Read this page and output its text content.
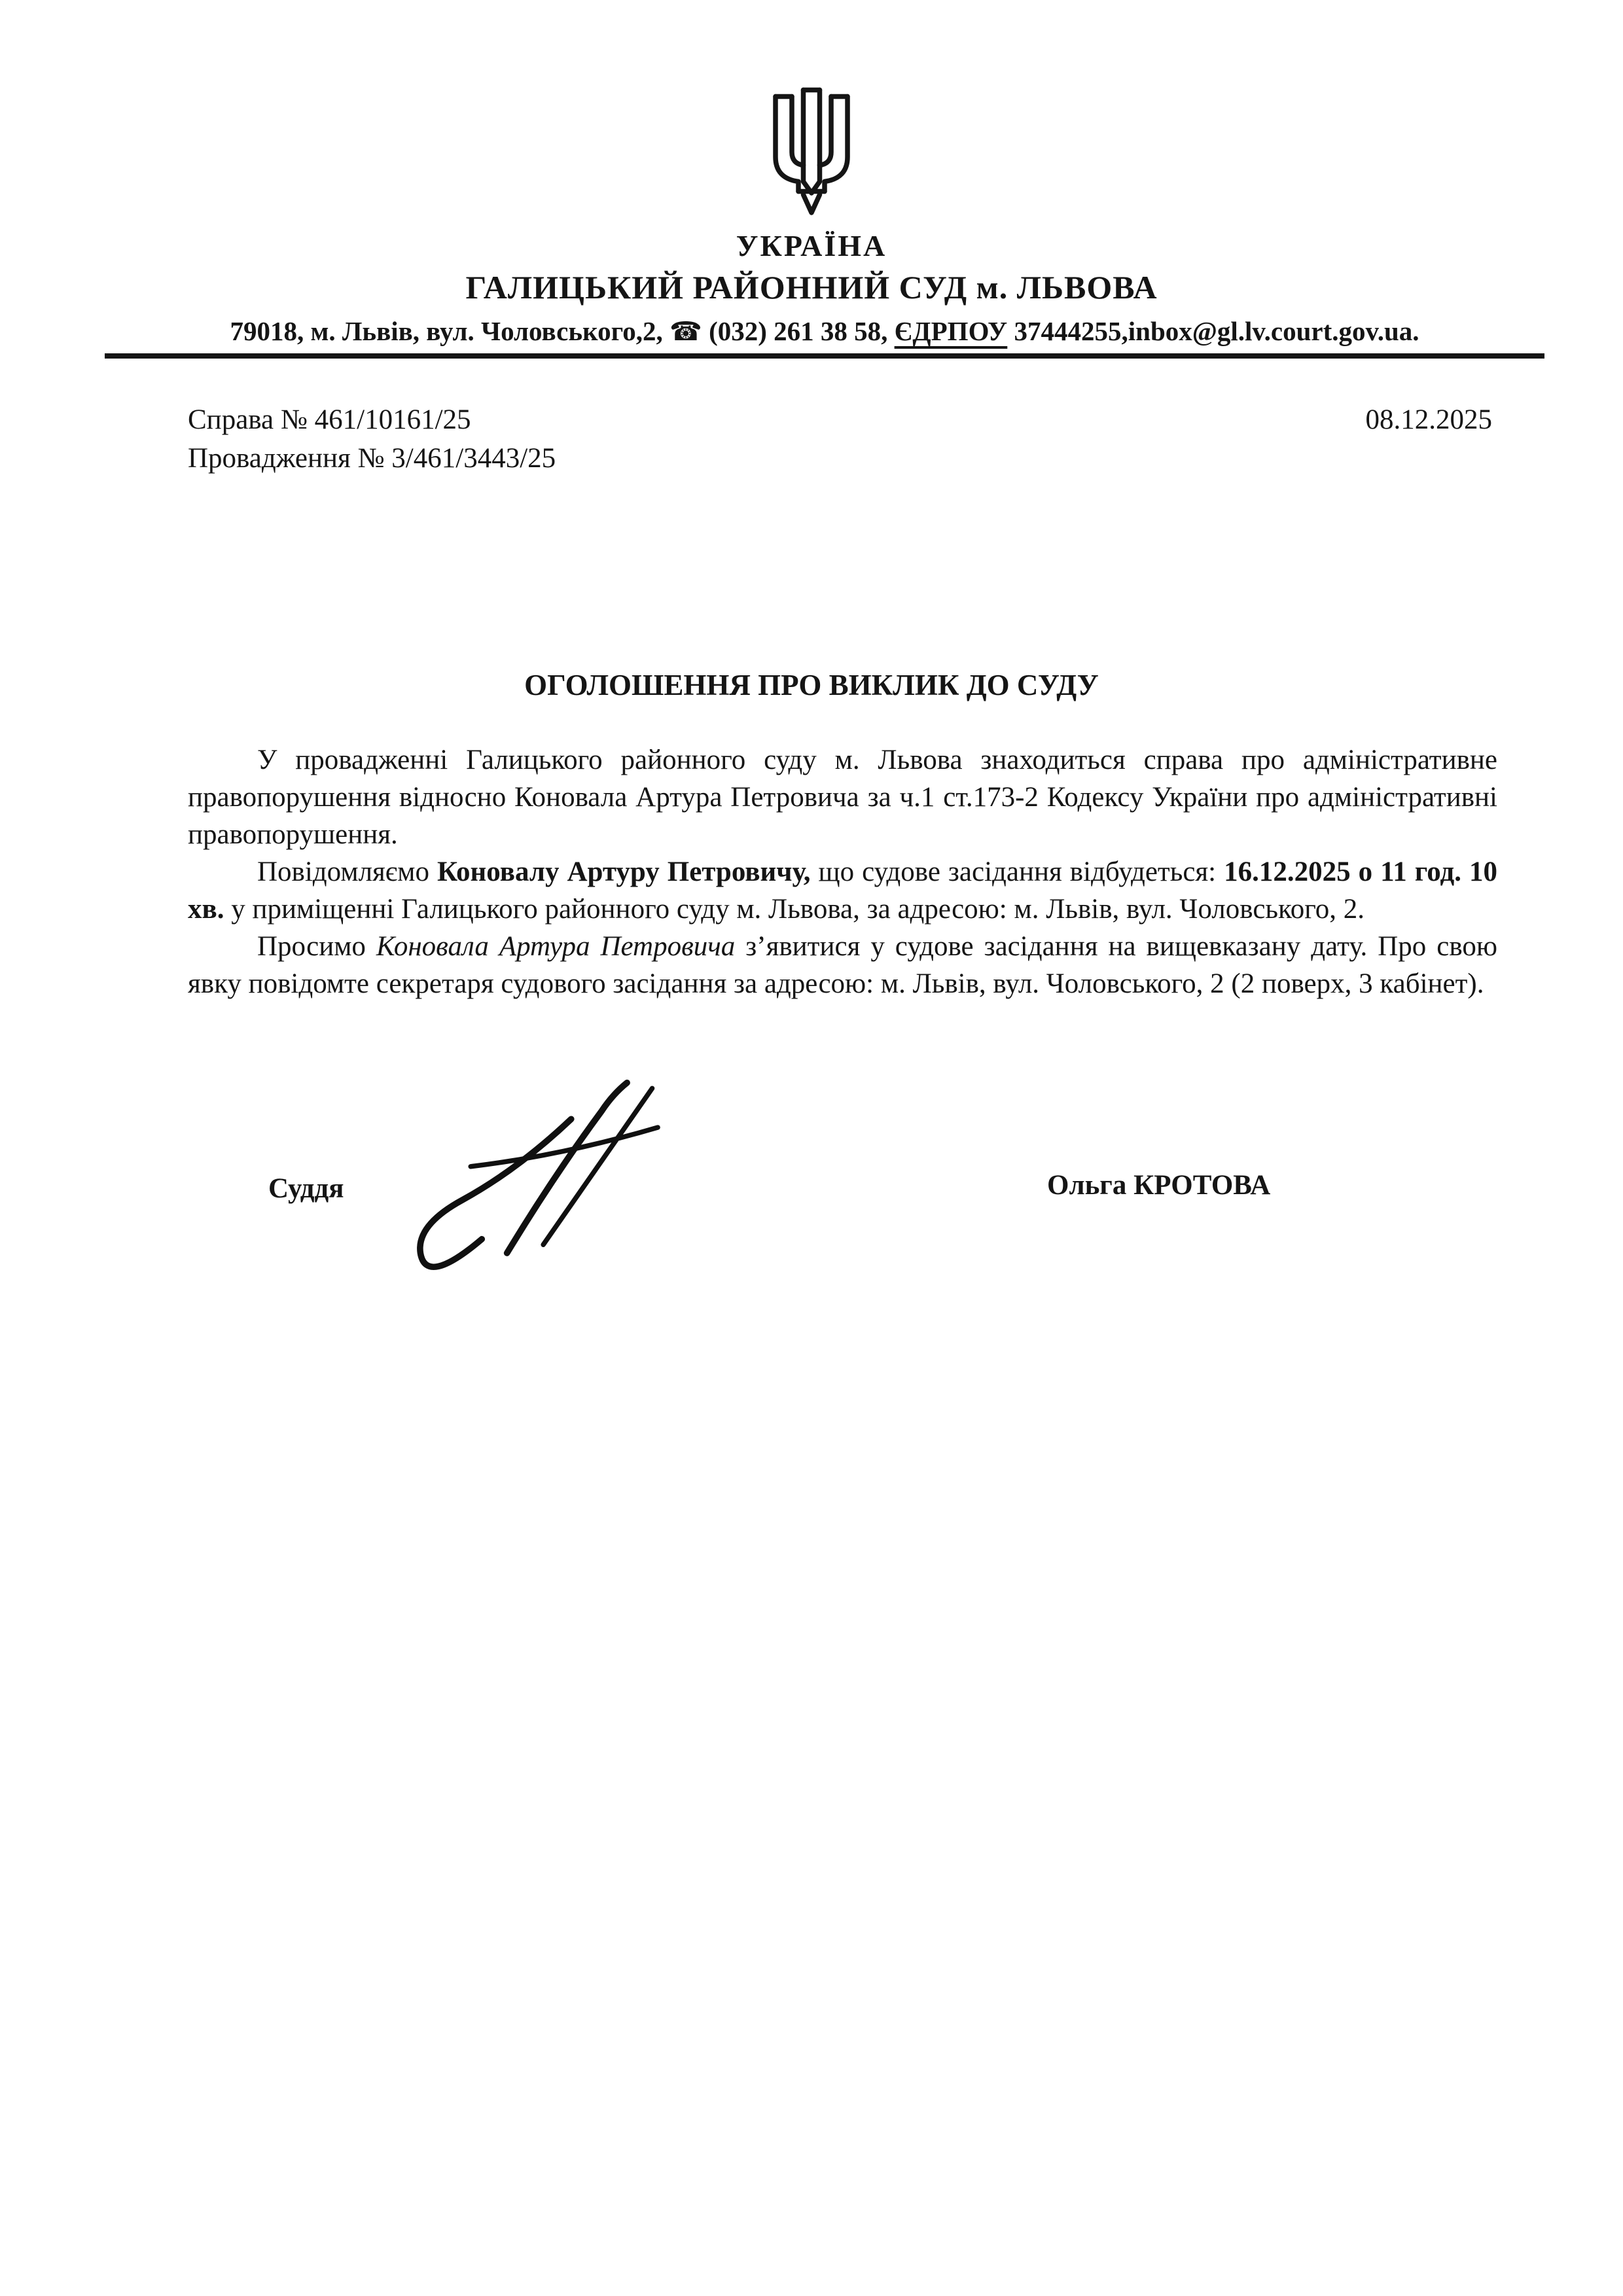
УКРАЇНА
ГАЛИЦЬКИЙ РАЙОННИЙ СУД м. ЛЬВОВА
79018, м. Львів, вул. Чоловського,2, ☎ (032) 261 38 58, ЄДРПОУ 37444255,inbox@gl.lv.court.gov.ua.
Справа № 461/10161/25
Провадження № 3/461/3443/25
08.12.2025
ОГОЛОШЕННЯ ПРО ВИКЛИК ДО СУДУ

У провадженні Галицького районного суду м. Львова знаходиться справа про адміністративне правопорушення відносно Коновала Артура Петровича за ч.1 ст.173-2 Кодексу України про адміністративні правопорушення.

Повідомляємо Коновалу Артуру Петровичу, що судове засідання відбудеться: 16.12.2025 о 11 год. 10 хв. у приміщенні Галицького районного суду м. Львова, за адресою: м. Львів, вул. Чоловського, 2.

Просимо Коновала Артура Петровича з’явитися у судове засідання на вищевказану дату. Про свою явку повідомте секретаря судового засідання за адресою: м. Львів, вул. Чоловського, 2 (2 поверх, 3 кабінет).

Суддя	Ольга КРОТОВА
